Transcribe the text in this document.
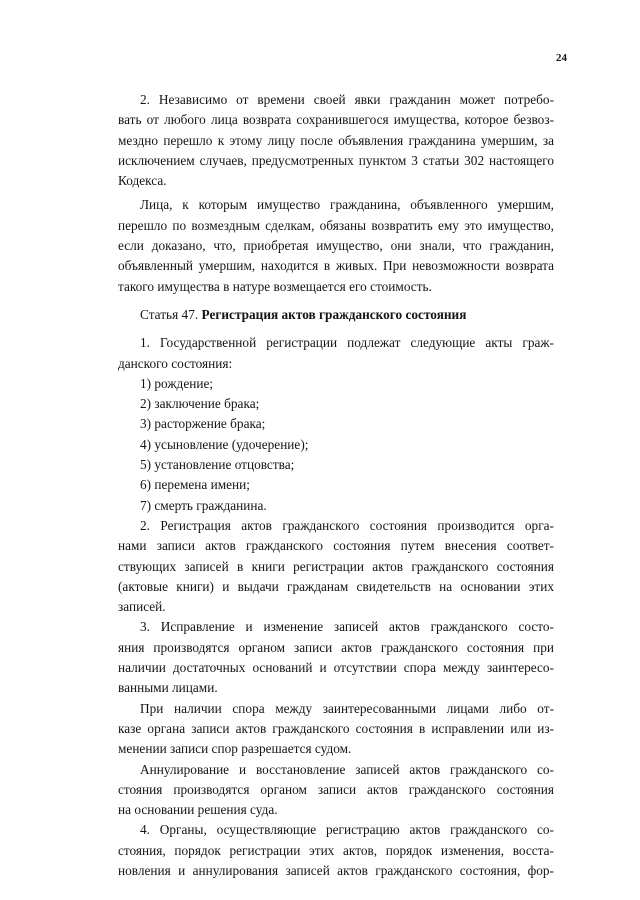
24
2. Независимо от времени своей явки гражданин может потребо-
вать от любого лица возврата сохранившегося имущества, которое безвоз-
мездно перешло к этому лицу после объявления гражданина умершим, за
исключением случаев, предусмотренных пунктом 3 статьи 302 настоящего
Кодекса.
Лица, к которым имущество гражданина, объявленного умершим,
перешло по возмездным сделкам, обязаны возвратить ему это имущество,
если доказано, что, приобретая имущество, они знали, что гражданин,
объявленный умершим, находится в живых. При невозможности возврата
такого имущества в натуре возмещается его стоимость.
Статья 47. Регистрация актов гражданского состояния
1. Государственной регистрации подлежат следующие акты граж-
данского состояния:
1) рождение;
2) заключение брака;
3) расторжение брака;
4) усыновление (удочерение);
5) установление отцовства;
6) перемена имени;
7) смерть гражданина.
2. Регистрация актов гражданского состояния производится орга-
нами записи актов гражданского состояния путем внесения соответ-
ствующих записей в книги регистрации актов гражданского состояния
(актовые книги) и выдачи гражданам свидетельств на основании этих
записей.
3. Исправление и изменение записей актов гражданского состо-
яния производятся органом записи актов гражданского состояния при
наличии достаточных оснований и отсутствии спора между заинтересо-
ванными лицами.
При наличии спора между заинтересованными лицами либо от-
казе органа записи актов гражданского состояния в исправлении или из-
менении записи спор разрешается судом.
Аннулирование и восстановление записей актов гражданского со-
стояния производятся органом записи актов гражданского состояния
на основании решения суда.
4. Органы, осуществляющие регистрацию актов гражданского со-
стояния, порядок регистрации этих актов, порядок изменения, восста-
новления и аннулирования записей актов гражданского состояния, фор-
